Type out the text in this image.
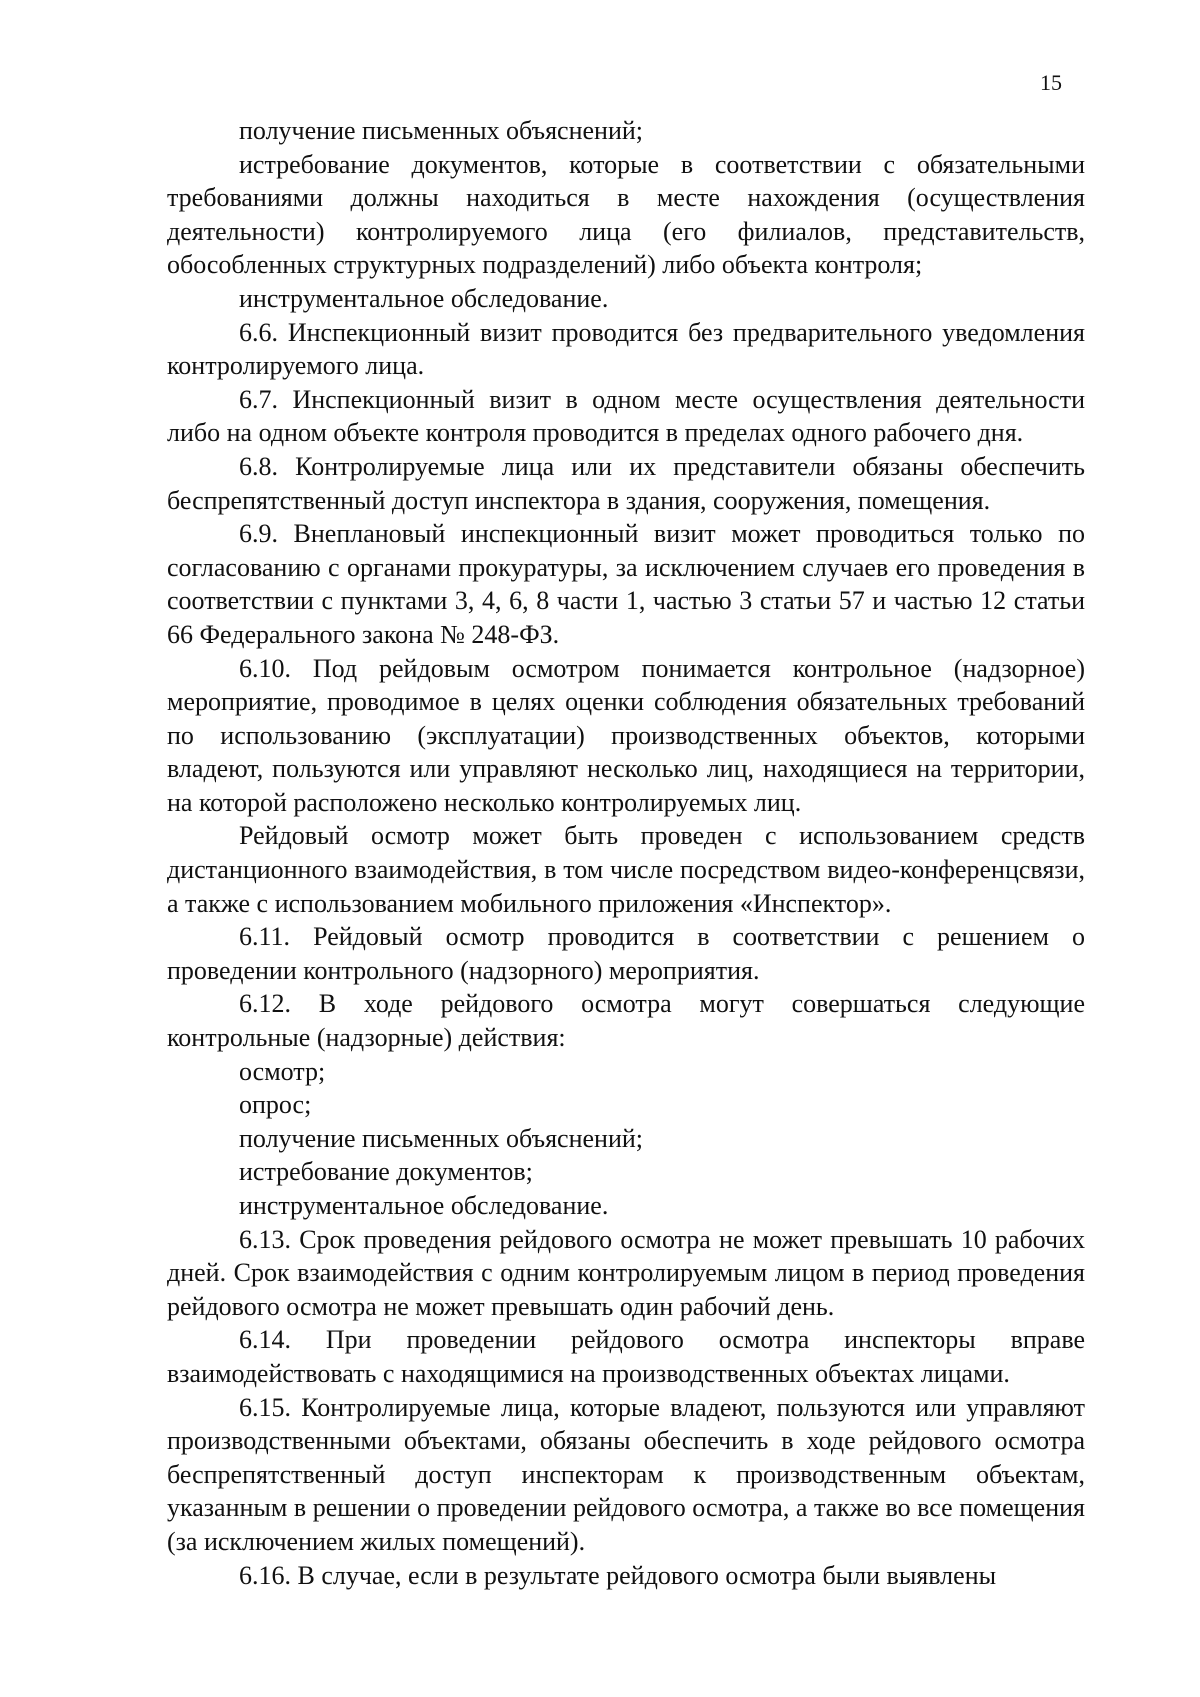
15

получение письменных объяснений;

истребование документов, которые в соответствии с обязательными требованиями должны находиться в месте нахождения (осуществления деятельности) контролируемого лица (его филиалов, представительств, обособленных структурных подразделений) либо объекта контроля;

инструментальное обследование.

6.6. Инспекционный визит проводится без предварительного уведомления контролируемого лица.

6.7. Инспекционный визит в одном месте осуществления деятельности либо на одном объекте контроля проводится в пределах одного рабочего дня.

6.8. Контролируемые лица или их представители обязаны обеспечить беспрепятственный доступ инспектора в здания, сооружения, помещения.

6.9. Внеплановый инспекционный визит может проводиться только по согласованию с органами прокуратуры, за исключением случаев его проведения в соответствии с пунктами 3, 4, 6, 8 части 1, частью 3 статьи 57 и частью 12 статьи 66 Федерального закона № 248-ФЗ.

6.10. Под рейдовым осмотром понимается контрольное (надзорное) мероприятие, проводимое в целях оценки соблюдения обязательных требований по использованию (эксплуатации) производственных объектов, которыми владеют, пользуются или управляют несколько лиц, находящиеся на территории, на которой расположено несколько контролируемых лиц.

Рейдовый осмотр может быть проведен с использованием средств дистанционного взаимодействия, в том числе посредством видео-конференцсвязи, а также с использованием мобильного приложения «Инспектор».

6.11. Рейдовый осмотр проводится в соответствии с решением о проведении контрольного (надзорного) мероприятия.

6.12. В ходе рейдового осмотра могут совершаться следующие контрольные (надзорные) действия:

осмотр;

опрос;

получение письменных объяснений;

истребование документов;

инструментальное обследование.

6.13. Срок проведения рейдового осмотра не может превышать 10 рабочих дней. Срок взаимодействия с одним контролируемым лицом в период проведения рейдового осмотра не может превышать один рабочий день.

6.14. При проведении рейдового осмотра инспекторы вправе взаимодействовать с находящимися на производственных объектах лицами.

6.15. Контролируемые лица, которые владеют, пользуются или управляют производственными объектами, обязаны обеспечить в ходе рейдового осмотра беспрепятственный доступ инспекторам к производственным объектам, указанным в решении о проведении рейдового осмотра, а также во все помещения (за исключением жилых помещений).

6.16. В случае, если в результате рейдового осмотра были выявлены
